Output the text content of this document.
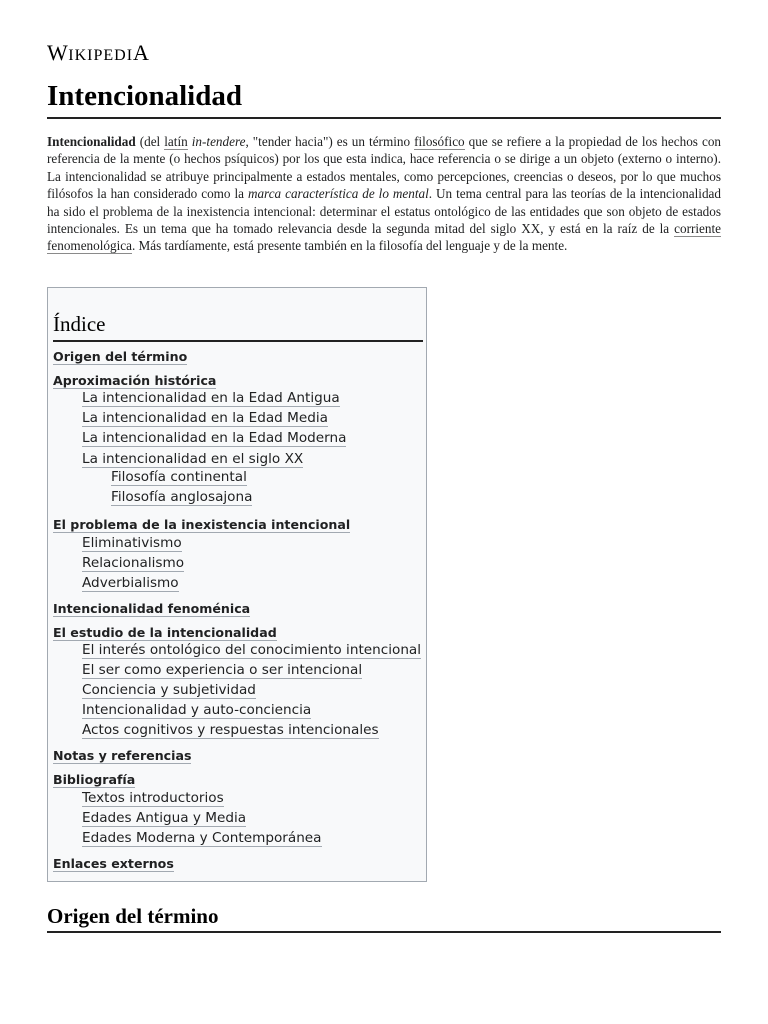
WIKIPEDIA
Intencionalidad

Intencionalidad (del latín in-tendere, "tender hacia") es un término filosófico que se refiere a la propiedad de los hechos con referencia de la mente (o hechos psíquicos) por los que esta indica, hace referencia o se dirige a un objeto (externo o interno). La intencionalidad se atribuye principalmente a estados mentales, como percepciones, creencias o deseos, por lo que muchos filósofos la han considerado como la marca característica de lo mental. Un tema central para las teorías de la intencionalidad ha sido el problema de la inexistencia intencional: determinar el estatus ontológico de las entidades que son objeto de estados intencionales. Es un tema que ha tomado relevancia desde la segunda mitad del siglo XX, y está en la raíz de la corriente fenomenológica. Más tardíamente, está presente también en la filosofía del lenguaje y de la mente.

Índice
Origen del término
Aproximación histórica
La intencionalidad en la Edad Antigua
La intencionalidad en la Edad Media
La intencionalidad en la Edad Moderna
La intencionalidad en el siglo XX
Filosofía continental
Filosofía anglosajona
El problema de la inexistencia intencional
Eliminativismo
Relacionalismo
Adverbialismo
Intencionalidad fenoménica
El estudio de la intencionalidad
El interés ontológico del conocimiento intencional
El ser como experiencia o ser intencional
Conciencia y subjetividad
Intencionalidad y auto-conciencia
Actos cognitivos y respuestas intencionales
Notas y referencias
Bibliografía
Textos introductorios
Edades Antigua y Media
Edades Moderna y Contemporánea
Enlaces externos
Origen del término
